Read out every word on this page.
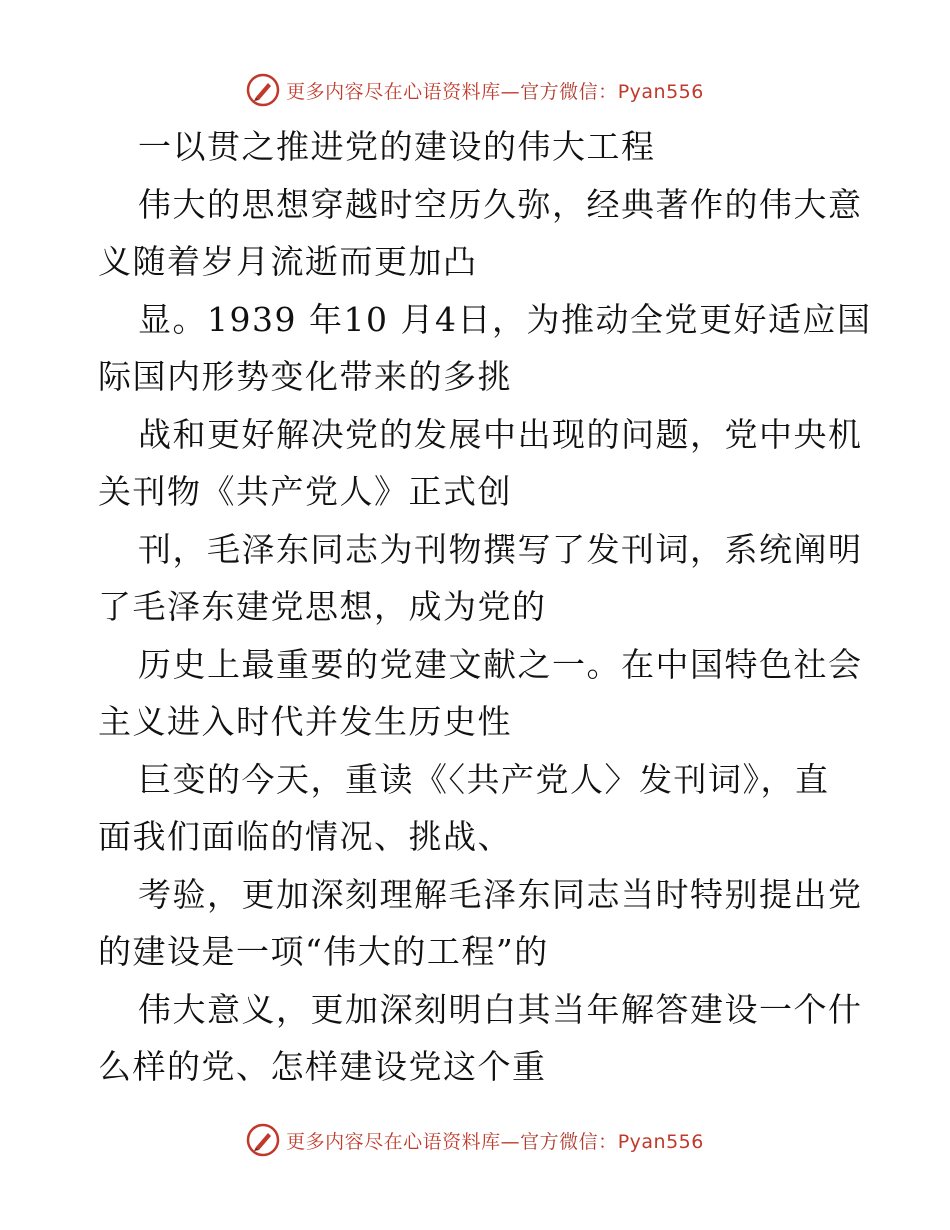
更多内容尽在心语资料库—官方微信：Pyan556
一以贯之推进党的建设的伟大工程
伟大的思想穿越时空历久弥，经典著作的伟大意
义随着岁月流逝而更加凸
显。1939 年10 月4日，为推动全党更好适应国
际国内形势变化带来的多挑
战和更好解决党的发展中出现的问题，党中央机
关刊物《共产党人》正式创
刊，毛泽东同志为刊物撰写了发刊词，系统阐明
了毛泽东建党思想，成为党的
历史上最重要的党建文献之一。在中国特色社会
主义进入时代并发生历史性
巨变的今天，重读《〈共产党人〉发刊词》，直
面我们面临的情况、挑战、
考验，更加深刻理解毛泽东同志当时特别提出党
的建设是一项“伟大的工程”的
伟大意义，更加深刻明白其当年解答建设一个什
么样的党、怎样建设党这个重
更多内容尽在心语资料库—官方微信：Pyan556
